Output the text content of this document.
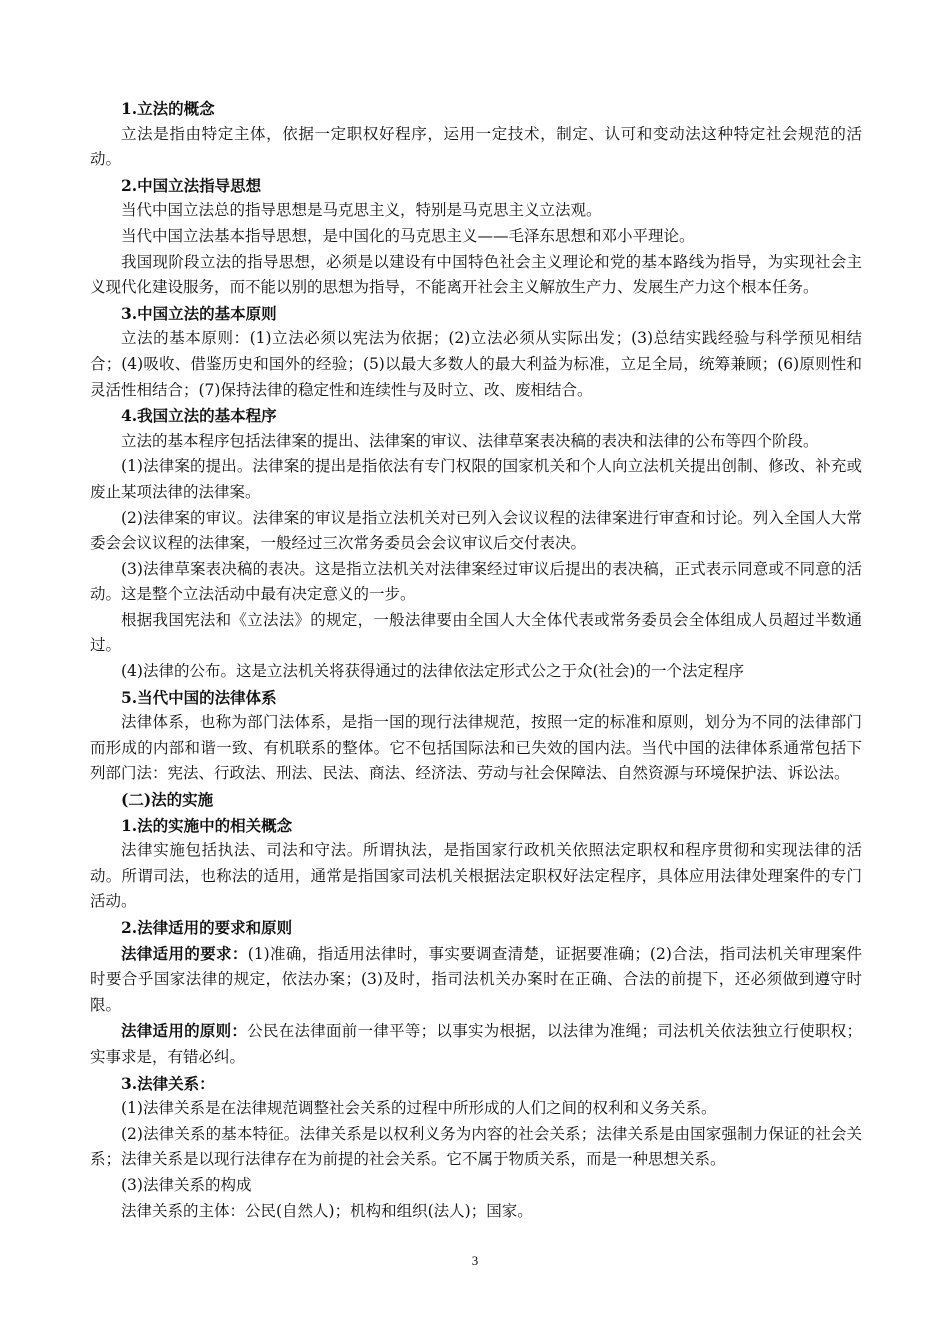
1.立法的概念

立法是指由特定主体，依据一定职权好程序，运用一定技术，制定、认可和变动法这种特定社会规范的活动。

2.中国立法指导思想

当代中国立法总的指导思想是马克思主义，特别是马克思主义立法观。

当代中国立法基本指导思想，是中国化的马克思主义——毛泽东思想和邓小平理论。

我国现阶段立法的指导思想，必须是以建设有中国特色社会主义理论和党的基本路线为指导，为实现社会主义现代化建设服务，而不能以别的思想为指导，不能离开社会主义解放生产力、发展生产力这个根本任务。

3.中国立法的基本原则

立法的基本原则：(1)立法必须以宪法为依据；(2)立法必须从实际出发；(3)总结实践经验与科学预见相结合；(4)吸收、借鉴历史和国外的经验；(5)以最大多数人的最大利益为标准，立足全局，统筹兼顾；(6)原则性和灵活性相结合；(7)保持法律的稳定性和连续性与及时立、改、废相结合。

4.我国立法的基本程序

立法的基本程序包括法律案的提出、法律案的审议、法律草案表决稿的表决和法律的公布等四个阶段。

(1)法律案的提出。法律案的提出是指依法有专门权限的国家机关和个人向立法机关提出创制、修改、补充或废止某项法律的法律案。

(2)法律案的审议。法律案的审议是指立法机关对已列入会议议程的法律案进行审查和讨论。列入全国人大常委会会议议程的法律案，一般经过三次常务委员会会议审议后交付表决。

(3)法律草案表决稿的表决。这是指立法机关对法律案经过审议后提出的表决稿，正式表示同意或不同意的活动。这是整个立法活动中最有决定意义的一步。

根据我国宪法和《立法法》的规定，一般法律要由全国人大全体代表或常务委员会全体组成人员超过半数通过。

(4)法律的公布。这是立法机关将获得通过的法律依法定形式公之于众(社会)的一个法定程序

5.当代中国的法律体系

法律体系，也称为部门法体系，是指一国的现行法律规范，按照一定的标准和原则，划分为不同的法律部门而形成的内部和谐一致、有机联系的整体。它不包括国际法和已失效的国内法。当代中国的法律体系通常包括下列部门法：宪法、行政法、刑法、民法、商法、经济法、劳动与社会保障法、自然资源与环境保护法、诉讼法。

(二)法的实施

1.法的实施中的相关概念

法律实施包括执法、司法和守法。所谓执法，是指国家行政机关依照法定职权和程序贯彻和实现法律的活动。所谓司法，也称法的适用，通常是指国家司法机关根据法定职权好法定程序，具体应用法律处理案件的专门活动。

2.法律适用的要求和原则

法律适用的要求：(1)准确，指适用法律时，事实要调查清楚，证据要准确；(2)合法，指司法机关审理案件时要合乎国家法律的规定，依法办案；(3)及时，指司法机关办案时在正确、合法的前提下，还必须做到遵守时限。

法律适用的原则：公民在法律面前一律平等；以事实为根据，以法律为准绳；司法机关依法独立行使职权；实事求是，有错必纠。

3.法律关系：

(1)法律关系是在法律规范调整社会关系的过程中所形成的人们之间的权利和义务关系。

(2)法律关系的基本特征。法律关系是以权利义务为内容的社会关系；法律关系是由国家强制力保证的社会关系；法律关系是以现行法律存在为前提的社会关系。它不属于物质关系，而是一种思想关系。

(3)法律关系的构成

法律关系的主体：公民(自然人)；机构和组织(法人)；国家。

3
